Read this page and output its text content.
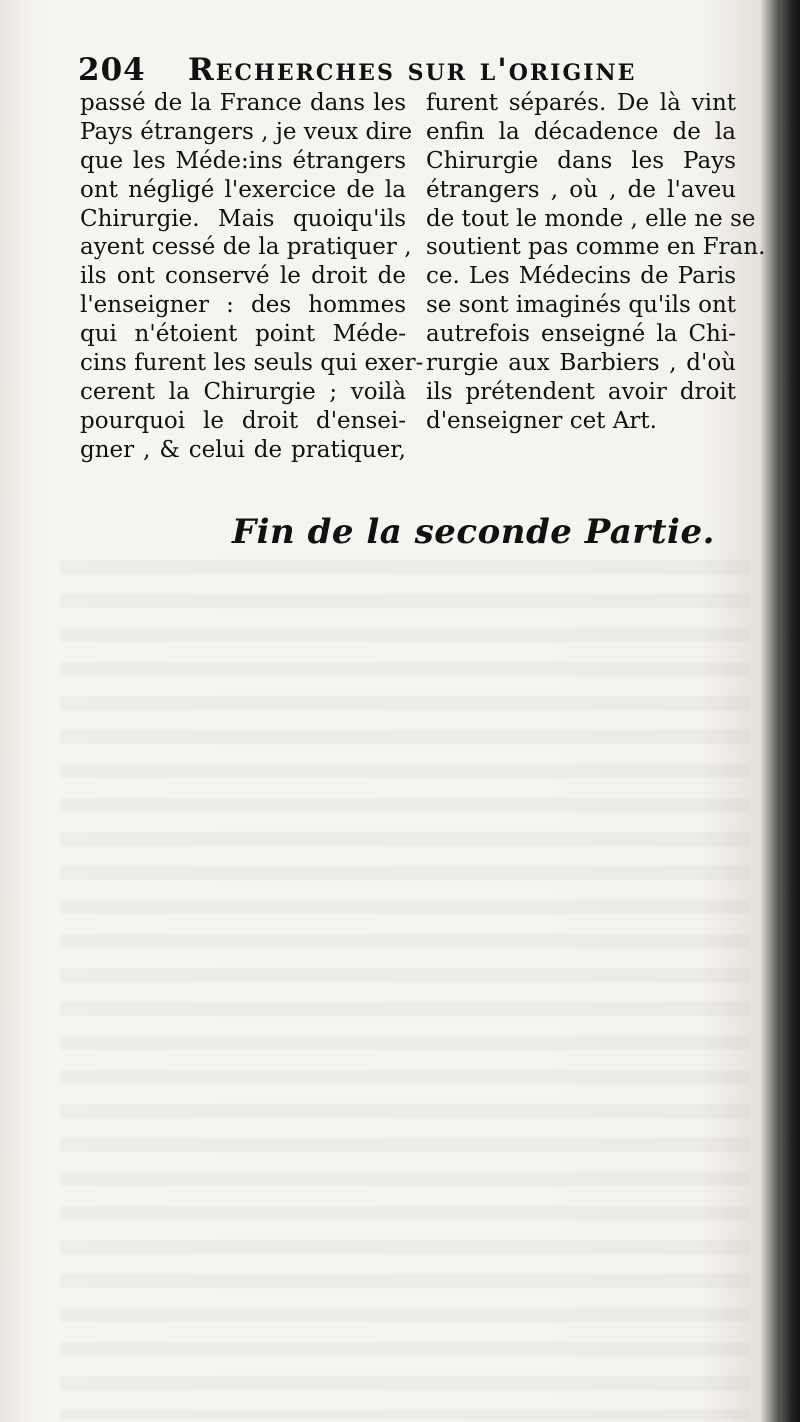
204 Recherches sur l'origine
passé de la France dans les
Pays étrangers , je veux dire
que les Méde:ins étrangers
ont négligé l'exercice de la
Chirurgie. Mais quoiqu'ils
ayent cessé de la pratiquer ,
ils ont conservé le droit de
l'enseigner : des hommes
qui n'étoient point Méde-
cins furent les seuls qui exer-
cerent la Chirurgie ; voilà
pourquoi le droit d'ensei-
gner , & celui de pratiquer,
furent séparés. De là vint
enfin la décadence de la
Chirurgie dans les Pays
étrangers , où , de l'aveu
de tout le monde , elle ne se
soutient pas comme en Fran.
ce. Les Médecins de Paris
se sont imaginés qu'ils ont
autrefois enseigné la Chi-
rurgie aux Barbiers , d'où
ils prétendent avoir droit
d'enseigner cet Art.
Fin de la seconde Partie.
